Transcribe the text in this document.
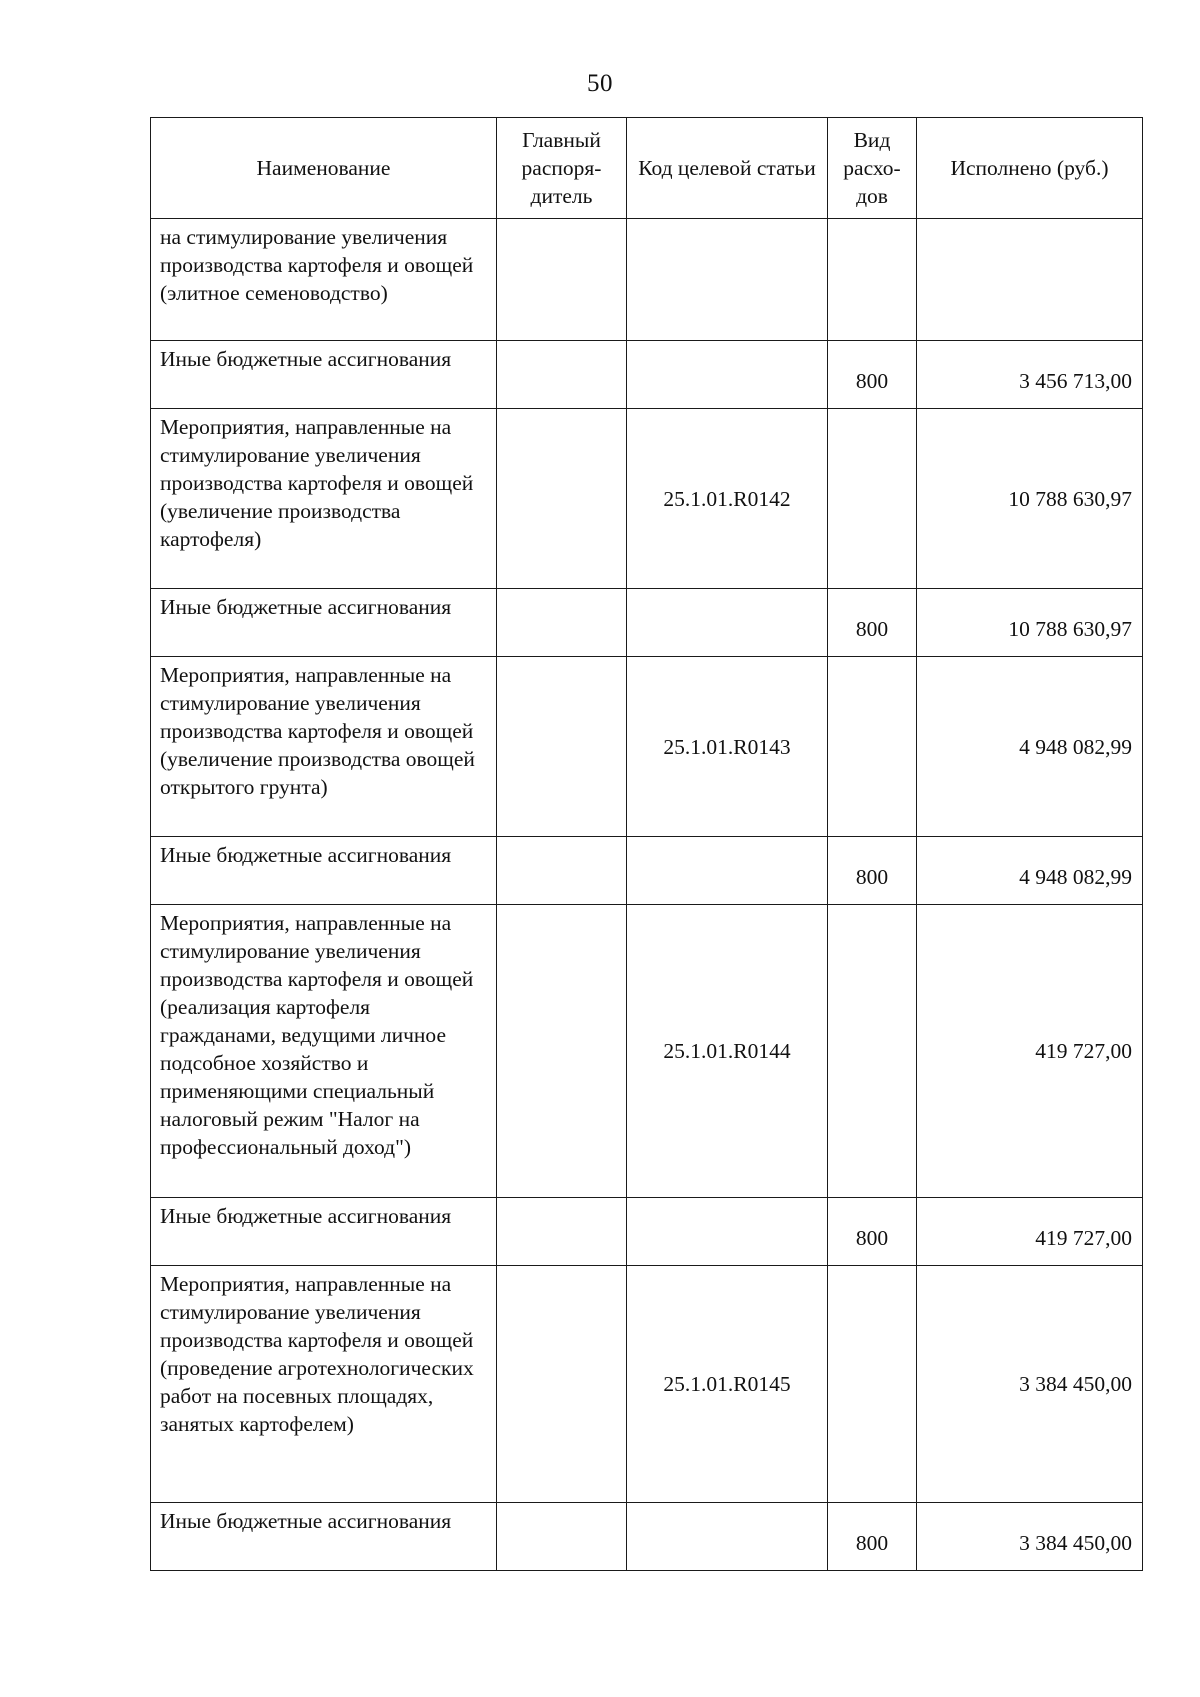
50
Наименование	Главный распоря-дитель	Код целевой статьи	Вид расхо-дов	Исполнено (руб.)
на стимулирование увеличения производства картофеля и овощей (элитное семеноводство)				
Иные бюджетные ассигнования			800	3 456 713,00
Мероприятия, направленные на стимулирование увеличения производства картофеля и овощей (увеличение производства картофеля)		25.1.01.R0142		10 788 630,97
Иные бюджетные ассигнования			800	10 788 630,97
Мероприятия, направленные на стимулирование увеличения производства картофеля и овощей (увеличение производства овощей открытого грунта)		25.1.01.R0143		4 948 082,99
Иные бюджетные ассигнования			800	4 948 082,99
Мероприятия, направленные на стимулирование увеличения производства картофеля и овощей (реализация картофеля гражданами, ведущими личное подсобное хозяйство и применяющими специальный налоговый режим "Налог на профессиональный доход")		25.1.01.R0144		419 727,00
Иные бюджетные ассигнования			800	419 727,00
Мероприятия, направленные на стимулирование увеличения производства картофеля и овощей (проведение агротехнологических работ на посевных площадях, занятых картофелем)		25.1.01.R0145		3 384 450,00
Иные бюджетные ассигнования			800	3 384 450,00
